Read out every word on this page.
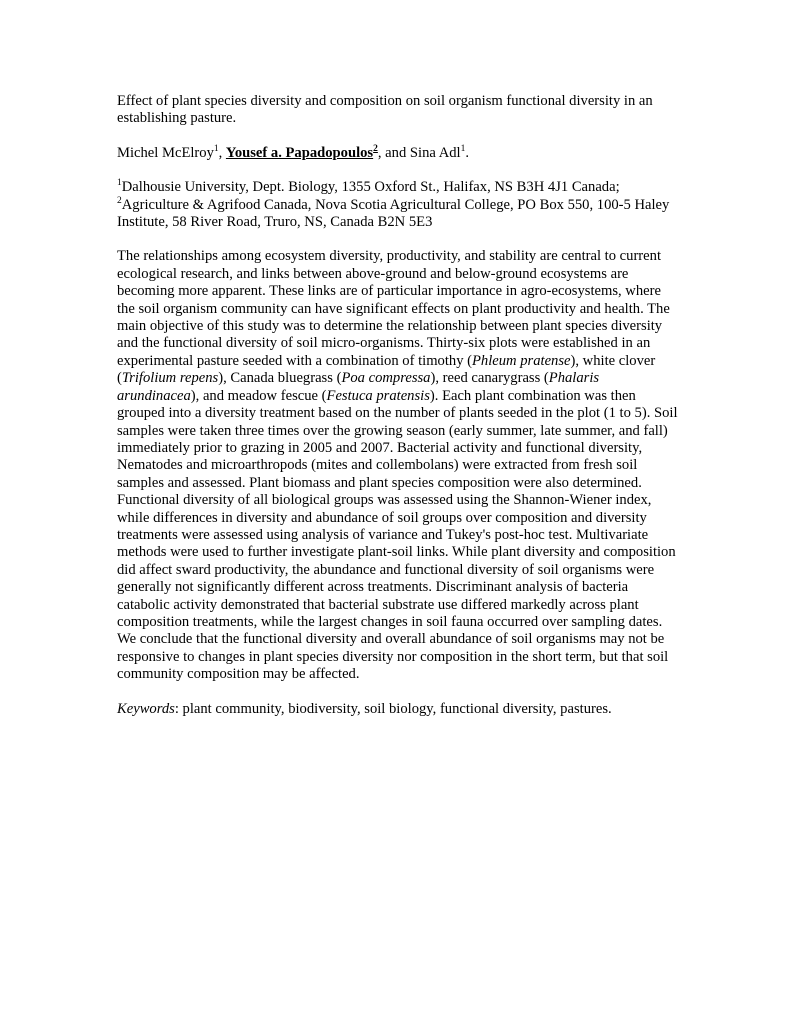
Effect of plant species diversity and composition on soil organism functional diversity in an establishing pasture.

Michel McElroy$^1$, Yousef a. Papadopoulos$^2$, and Sina Adl$^1$.

$^1$Dalhousie University, Dept. Biology, 1355 Oxford St., Halifax, NS B3H 4J1 Canada;
$^2$Agriculture & Agrifood Canada, Nova Scotia Agricultural College, PO Box 550, 100-5 Haley Institute, 58 River Road, Truro, NS, Canada B2N 5E3

The relationships among ecosystem diversity, productivity, and stability are central to current ecological research, and links between above-ground and below-ground ecosystems are becoming more apparent. These links are of particular importance in agro-ecosystems, where the soil organism community can have significant effects on plant productivity and health. The main objective of this study was to determine the relationship between plant species diversity and the functional diversity of soil micro-organisms. Thirty-six plots were established in an experimental pasture seeded with a combination of timothy (Phleum pratense), white clover (Trifolium repens), Canada bluegrass (Poa compressa), reed canarygrass (Phalaris arundinacea), and meadow fescue (Festuca pratensis). Each plant combination was then grouped into a diversity treatment based on the number of plants seeded in the plot (1 to 5). Soil samples were taken three times over the growing season (early summer, late summer, and fall) immediately prior to grazing in 2005 and 2007. Bacterial activity and functional diversity, Nematodes and microarthropods (mites and collembolans) were extracted from fresh soil samples and assessed. Plant biomass and plant species composition were also determined. Functional diversity of all biological groups was assessed using the Shannon-Wiener index, while differences in diversity and abundance of soil groups over composition and diversity treatments were assessed using analysis of variance and Tukey's post-hoc test. Multivariate methods were used to further investigate plant-soil links. While plant diversity and composition did affect sward productivity, the abundance and functional diversity of soil organisms were generally not significantly different across treatments. Discriminant analysis of bacteria catabolic activity demonstrated that bacterial substrate use differed markedly across plant composition treatments, while the largest changes in soil fauna occurred over sampling dates. We conclude that the functional diversity and overall abundance of soil organisms may not be responsive to changes in plant species diversity nor composition in the short term, but that soil community composition may be affected.

Keywords: plant community, biodiversity, soil biology, functional diversity, pastures.
